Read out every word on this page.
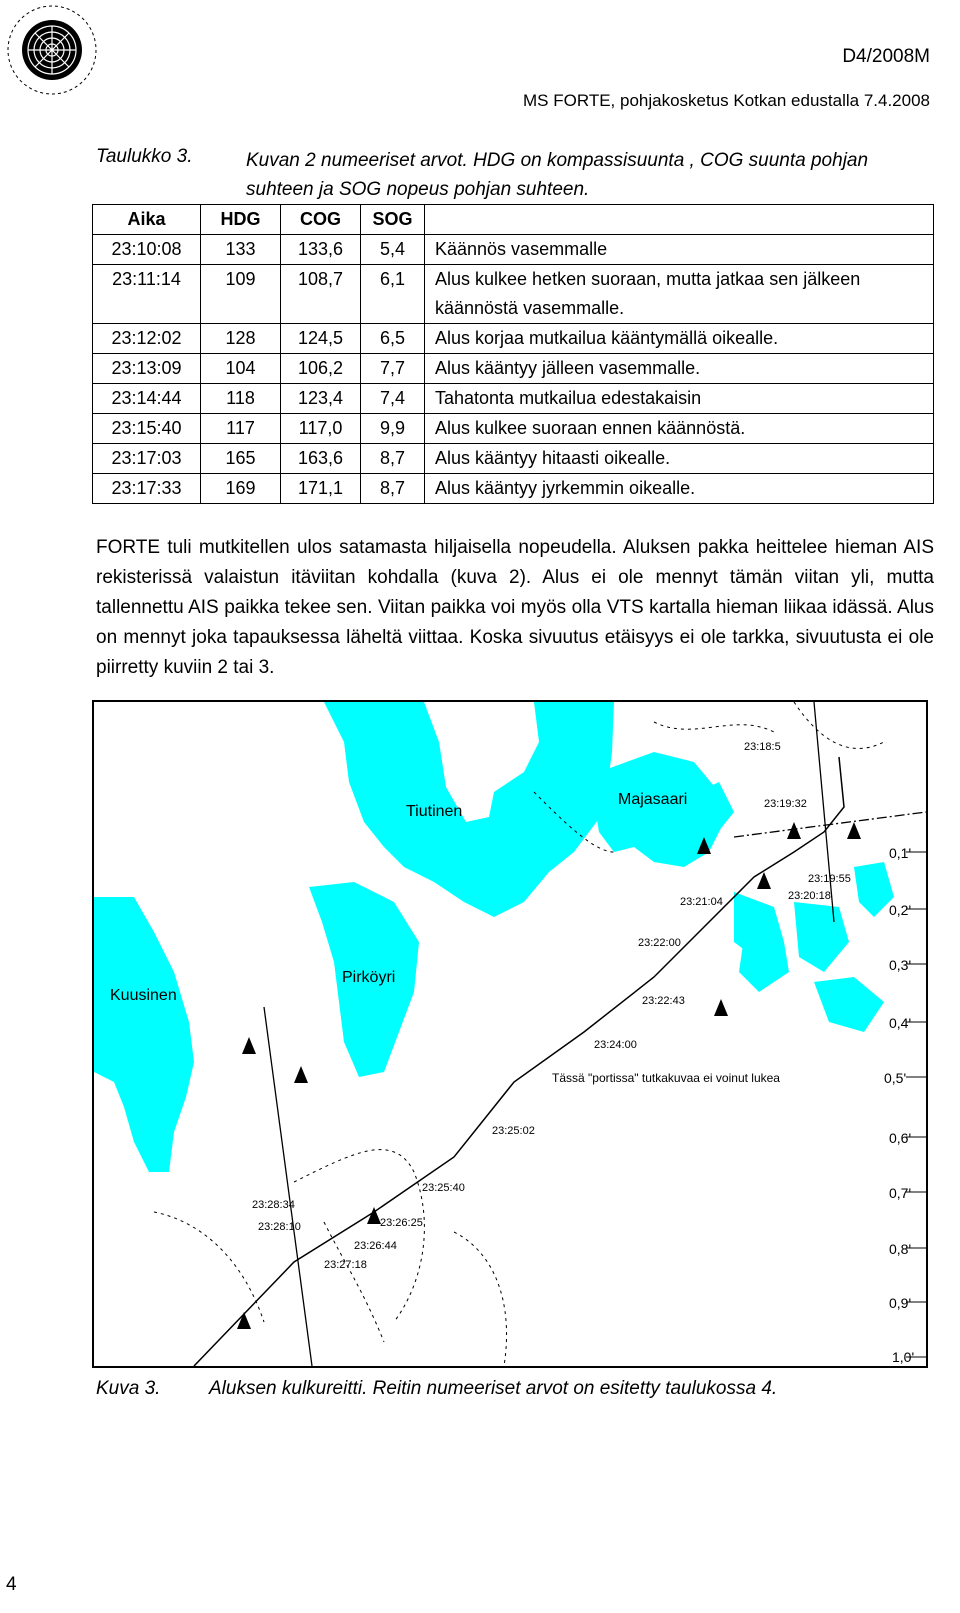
D4/2008M
MS FORTE, pohjakosketus Kotkan edustalla 7.4.2008
Taulukko 3.	Kuvan 2 numeeriset arvot. HDG on kompassisuunta , COG suunta pohjan suhteen ja SOG nopeus pohjan suhteen.
Aika	HDG	COG	SOG	
23:10:08	133	133,6	5,4	Käännös vasemmalle
23:11:14	109	108,7	6,1	Alus kulkee hetken suoraan, mutta jatkaa sen jälkeen käännöstä vasemmalle.
23:12:02	128	124,5	6,5	Alus korjaa mutkailua kääntymällä oikealle.
23:13:09	104	106,2	7,7	Alus kääntyy jälleen vasemmalle.
23:14:44	118	123,4	7,4	Tahatonta mutkailua edestakaisin
23:15:40	117	117,0	9,9	Alus kulkee suoraan ennen käännöstä.
23:17:03	165	163,6	8,7	Alus kääntyy hitaasti oikealle.
23:17:33	169	171,1	8,7	Alus kääntyy jyrkemmin oikealle.
FORTE tuli mutkitellen ulos satamasta hiljaisella nopeudella. Aluksen pakka heittelee hieman AIS rekisterissä valaistun itäviitan kohdalla (kuva 2). Alus ei ole mennyt tämän viitan yli, mutta tallennettu AIS paikka tekee sen. Viitan paikka voi myös olla VTS kartalla hieman liikaa idässä. Alus on mennyt joka tapauksessa läheltä viittaa. Koska sivuutus etäisyys ei ole tarkka, sivuutusta ei ole piirretty kuviin 2 tai 3.
Tiutinen
Majasaari
Kuusinen
Pirköyri
Tässä "portissa" tutkakuvaa ei voinut lukea
23:18:5
23:19:32
23:19:55
23:20:18
23:21:04
23:22:00
23:22:43
23:24:00
23:25:02
23:25:40
23:26:25
23:26:44
23:27:18
23:28:34
23:28:10
0,1'
0,2'
0,3'
0,4'
0,5'
0,6'
0,7'
0,8'
0,9'
1,0'
Kuva 3.	Aluksen kulkureitti. Reitin numeeriset arvot on esitetty taulukossa 4.
4
